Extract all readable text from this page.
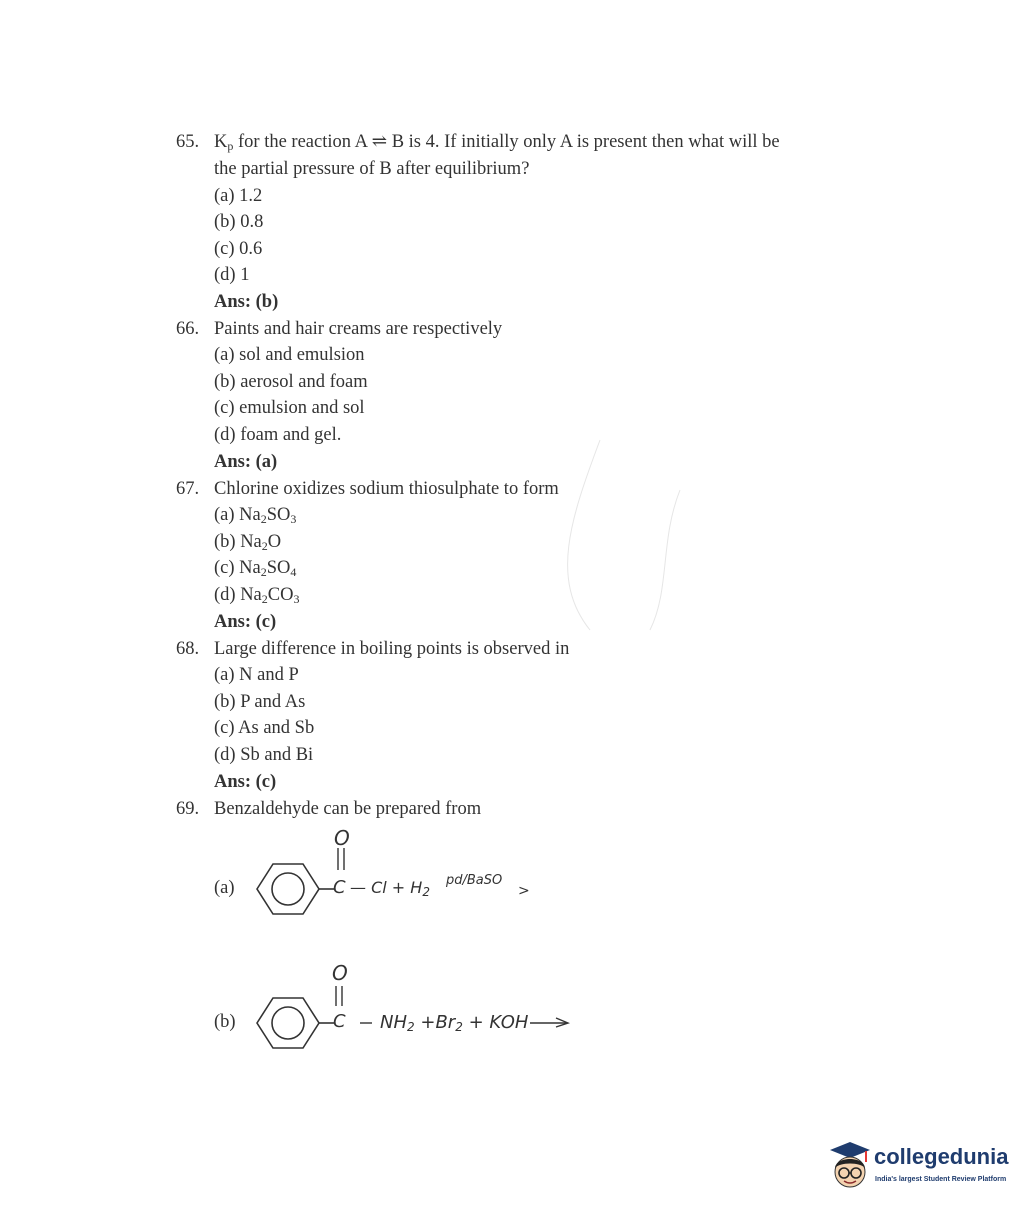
65. $K_p$ for the reaction A ⇌ B is 4. If initially only A is present then what will be
the partial pressure of B after equilibrium?
(a) 1.2
(b) 0.8
(c) 0.6
(d) 1
Ans: (b)
66. Paints and hair creams are respectively
(a) sol and emulsion
(b) aerosol and foam
(c) emulsion and sol
(d) foam and gel.
Ans: (a)
67. Chlorine oxidizes sodium thiosulphate to form
(a) $Na_2SO_3$
(b) $Na_2O$
(c) $Na_2SO_4$
(d) $Na_2CO_3$
Ans: (c)
68. Large difference in boiling points is observed in
(a) N and P
(b) P and As
(c) As and Sb
(d) Sb and Bi
Ans: (c)
69. Benzaldehyde can be prepared from
(a)
O
C — $Cl + H_2$
pd/BaSO
>
(b)
O
C $NH_2 +Br_2$ + KOH
collegedunia
India's largest Student Review Platform
